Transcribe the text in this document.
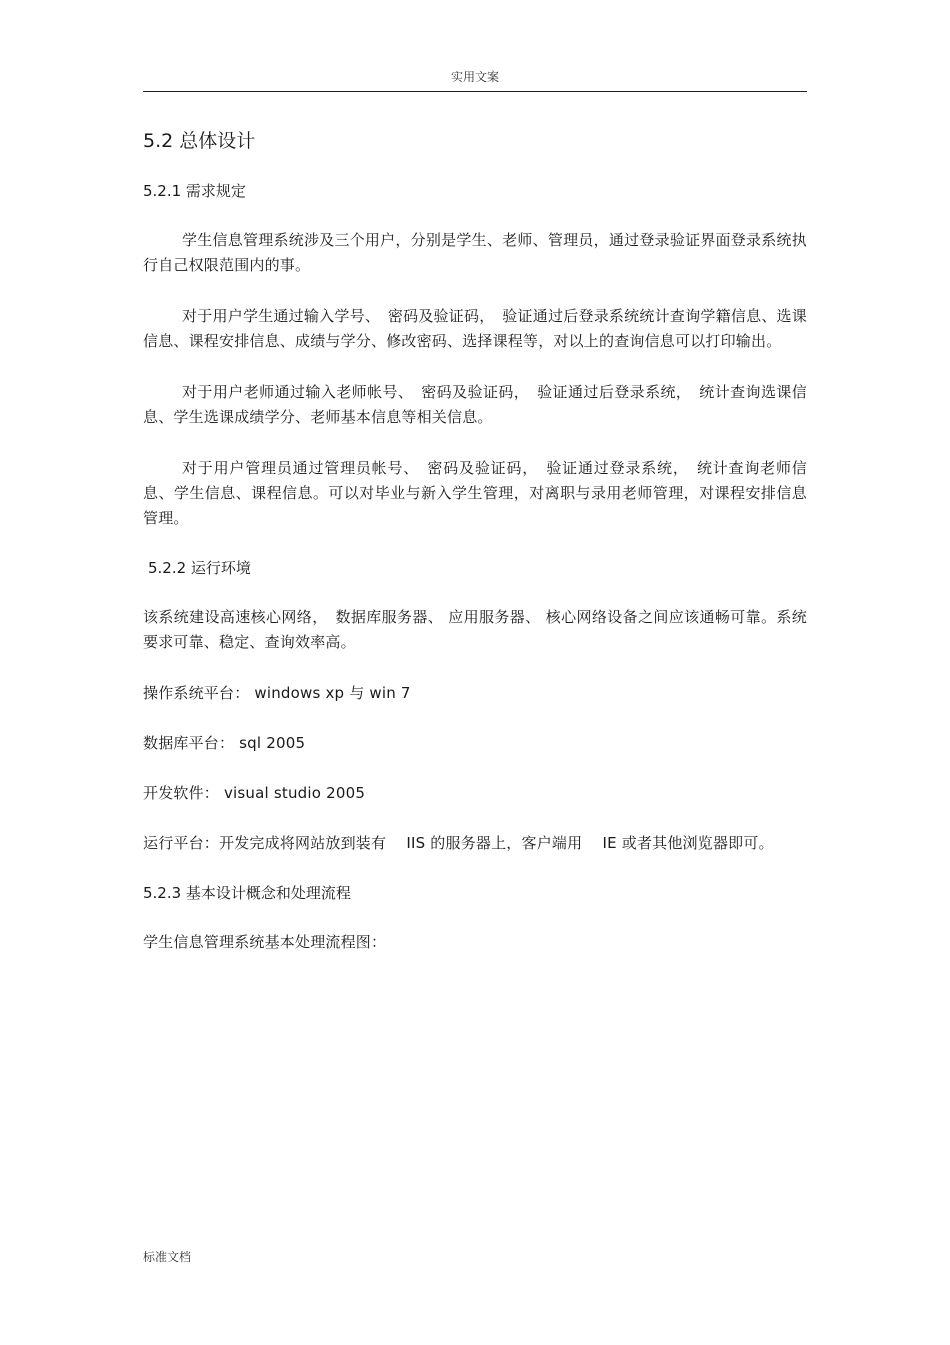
实用文案
5.2 总体设计
5.2.1 需求规定
学生信息管理系统涉及三个用户，分别是学生、老师、管理员，通过登录验证界面登录系统执行自己权限范围内的事。
对于用户学生通过输入学号、　密码及验证码，　验证通过后登录系统统计查询学籍信息、选课信息、课程安排信息、成绩与学分、修改密码、选择课程等，对以上的查询信息可以打印输出。
对于用户老师通过输入老师帐号、　密码及验证码，　验证通过后登录系统，　统计查询选课信息、学生选课成绩学分、老师基本信息等相关信息。
对于用户管理员通过管理员帐号、　密码及验证码，　验证通过登录系统，　统计查询老师信息、学生信息、课程信息。可以对毕业与新入学生管理，对离职与录用老师管理，对课程安排信息管理。
5.2.2 运行环境
该系统建设高速核心网络，　数据库服务器、 应用服务器、 核心网络设备之间应该通畅可靠。系统要求可靠、稳定、查询效率高。
操作系统平台： windows xp 与 win 7
数据库平台： sql 2005
开发软件： visual studio 2005
运行平台：开发完成将网站放到装有　 IIS 的服务器上，客户端用　 IE 或者其他浏览器即可。
5.2.3 基本设计概念和处理流程
学生信息管理系统基本处理流程图：
标准文档
